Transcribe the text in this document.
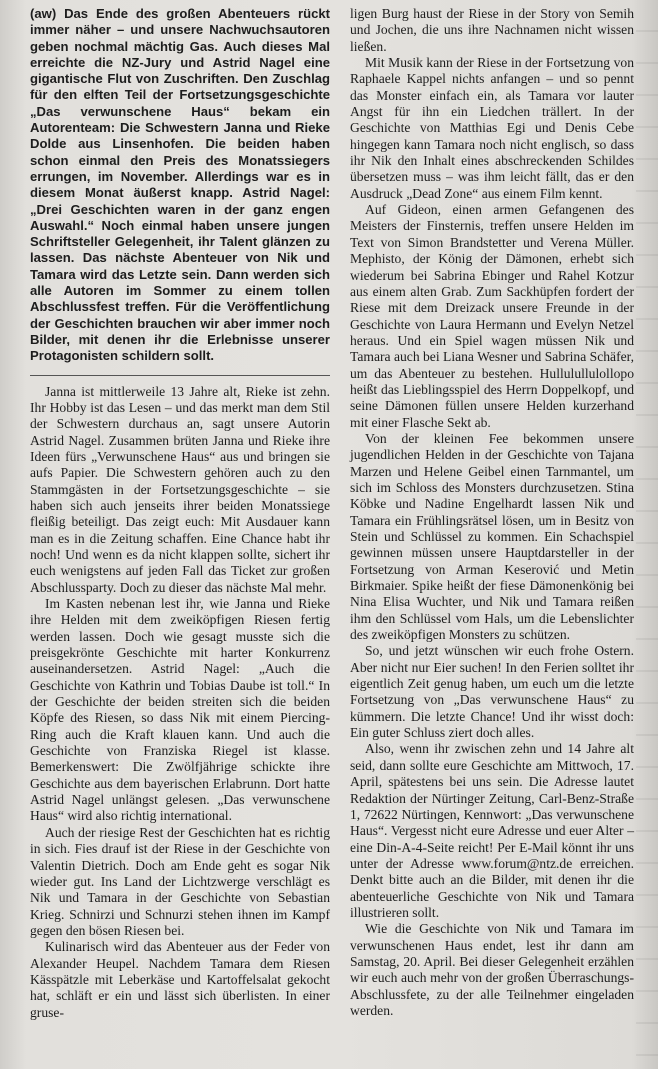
(aw) Das Ende des großen Abenteuers rückt immer näher – und unsere Nachwuchsautoren geben nochmal mächtig Gas. Auch dieses Mal erreichte die NZ-Jury und Astrid Nagel eine gigantische Flut von Zuschriften. Den Zuschlag für den elften Teil der Fortsetzungsgeschichte „Das verwunschene Haus“ bekam ein Autorenteam: Die Schwestern Janna und Rieke Dolde aus Linsenhofen. Die beiden haben schon einmal den Preis des Monatssiegers errungen, im November. Allerdings war es in diesem Monat äußerst knapp. Astrid Nagel: „Drei Geschichten waren in der ganz engen Auswahl.“ Noch einmal haben unsere jungen Schriftsteller Gelegenheit, ihr Talent glänzen zu lassen. Das nächste Abenteuer von Nik und Tamara wird das Letzte sein. Dann werden sich alle Autoren im Sommer zu einem tollen Abschlussfest treffen. Für die Veröffentlichung der Geschichten brauchen wir aber immer noch Bilder, mit denen ihr die Erlebnisse unserer Protagonisten schildern sollt.

Janna ist mittlerweile 13 Jahre alt, Rieke ist zehn. Ihr Hobby ist das Lesen – und das merkt man dem Stil der Schwestern durchaus an, sagt unsere Autorin Astrid Nagel. Zusammen brüten Janna und Rieke ihre Ideen fürs „Verwunschene Haus“ aus und bringen sie aufs Papier. Die Schwestern gehören auch zu den Stammgästen in der Fortsetzungsgeschichte – sie haben sich auch jenseits ihrer beiden Monatssiege fleißig beteiligt. Das zeigt euch: Mit Ausdauer kann man es in die Zeitung schaffen. Eine Chance habt ihr noch! Und wenn es da nicht klappen sollte, sichert ihr euch wenigstens auf jeden Fall das Ticket zur großen Abschlussparty. Doch zu dieser das nächste Mal mehr.

Im Kasten nebenan lest ihr, wie Janna und Rieke ihre Helden mit dem zweiköpfigen Riesen fertig werden lassen. Doch wie gesagt musste sich die preisgekrönte Geschichte mit harter Konkurrenz auseinandersetzen. Astrid Nagel: „Auch die Geschichte von Kathrin und Tobias Daube ist toll.“ In der Geschichte der beiden streiten sich die beiden Köpfe des Riesen, so dass Nik mit einem Piercing-Ring auch die Kraft klauen kann. Und auch die Geschichte von Franziska Riegel ist klasse. Bemerkenswert: Die Zwölfjährige schickte ihre Geschichte aus dem bayerischen Erlabrunn. Dort hatte Astrid Nagel unlängst gelesen. „Das verwunschene Haus“ wird also richtig international.

Auch der riesige Rest der Geschichten hat es richtig in sich. Fies drauf ist der Riese in der Geschichte von Valentin Dietrich. Doch am Ende geht es sogar Nik wieder gut. Ins Land der Lichtzwerge verschlägt es Nik und Tamara in der Geschichte von Sebastian Krieg. Schnirzi und Schnurzi stehen ihnen im Kampf gegen den bösen Riesen bei.

Kulinarisch wird das Abenteuer aus der Feder von Alexander Heupel. Nachdem Tamara dem Riesen Kässpätzle mit Leberkäse und Kartoffelsalat gekocht hat, schläft er ein und lässt sich überlisten. In einer gruse-

ligen Burg haust der Riese in der Story von Semih und Jochen, die uns ihre Nachnamen nicht wissen ließen.

Mit Musik kann der Riese in der Fortsetzung von Raphaele Kappel nichts anfangen – und so pennt das Monster einfach ein, als Tamara vor lauter Angst für ihn ein Liedchen trällert. In der Geschichte von Matthias Egi und Denis Cebe hingegen kann Tamara noch nicht englisch, so dass ihr Nik den Inhalt eines abschreckenden Schildes übersetzen muss – was ihm leicht fällt, das er den Ausdruck „Dead Zone“ aus einem Film kennt.

Auf Gideon, einen armen Gefangenen des Meisters der Finsternis, treffen unsere Helden im Text von Simon Brandstetter und Verena Müller. Mephisto, der König der Dämonen, erhebt sich wiederum bei Sabrina Ebinger und Rahel Kotzur aus einem alten Grab. Zum Sackhüpfen fordert der Riese mit dem Dreizack unsere Freunde in der Geschichte von Laura Hermann und Evelyn Netzel heraus. Und ein Spiel wagen müssen Nik und Tamara auch bei Liana Wesner und Sabrina Schäfer, um das Abenteuer zu bestehen. Hullulullulollopo heißt das Lieblingsspiel des Herrn Doppelkopf, und seine Dämonen füllen unsere Helden kurzerhand mit einer Flasche Sekt ab.

Von der kleinen Fee bekommen unsere jugendlichen Helden in der Geschichte von Tajana Marzen und Helene Geibel einen Tarnmantel, um sich im Schloss des Monsters durchzusetzen. Stina Köbke und Nadine Engelhardt lassen Nik und Tamara ein Frühlingsrätsel lösen, um in Besitz von Stein und Schlüssel zu kommen. Ein Schachspiel gewinnen müssen unsere Hauptdarsteller in der Fortsetzung von Arman Keserović und Metin Birkmaier. Spike heißt der fiese Dämonenkönig bei Nina Elisa Wuchter, und Nik und Tamara reißen ihm den Schlüssel vom Hals, um die Lebenslichter des zweiköpfigen Monsters zu schützen.

So, und jetzt wünschen wir euch frohe Ostern. Aber nicht nur Eier suchen! In den Ferien solltet ihr eigentlich Zeit genug haben, um euch um die letzte Fortsetzung von „Das verwunschene Haus“ zu kümmern. Die letzte Chance! Und ihr wisst doch: Ein guter Schluss ziert doch alles.

Also, wenn ihr zwischen zehn und 14 Jahre alt seid, dann sollte eure Geschichte am Mittwoch, 17. April, spätestens bei uns sein. Die Adresse lautet Redaktion der Nürtinger Zeitung, Carl-Benz-Straße 1, 72622 Nürtingen, Kennwort: „Das verwunschene Haus“. Vergesst nicht eure Adresse und euer Alter – eine Din-A-4-Seite reicht! Per E-Mail könnt ihr uns unter der Adresse www.forum@ntz.de erreichen. Denkt bitte auch an die Bilder, mit denen ihr die abenteuerliche Geschichte von Nik und Tamara illustrieren sollt.

Wie die Geschichte von Nik und Tamara im verwunschenen Haus endet, lest ihr dann am Samstag, 20. April. Bei dieser Gelegenheit erzählen wir euch auch mehr von der großen Überraschungs-Abschlussfete, zu der alle Teilnehmer eingeladen werden.
